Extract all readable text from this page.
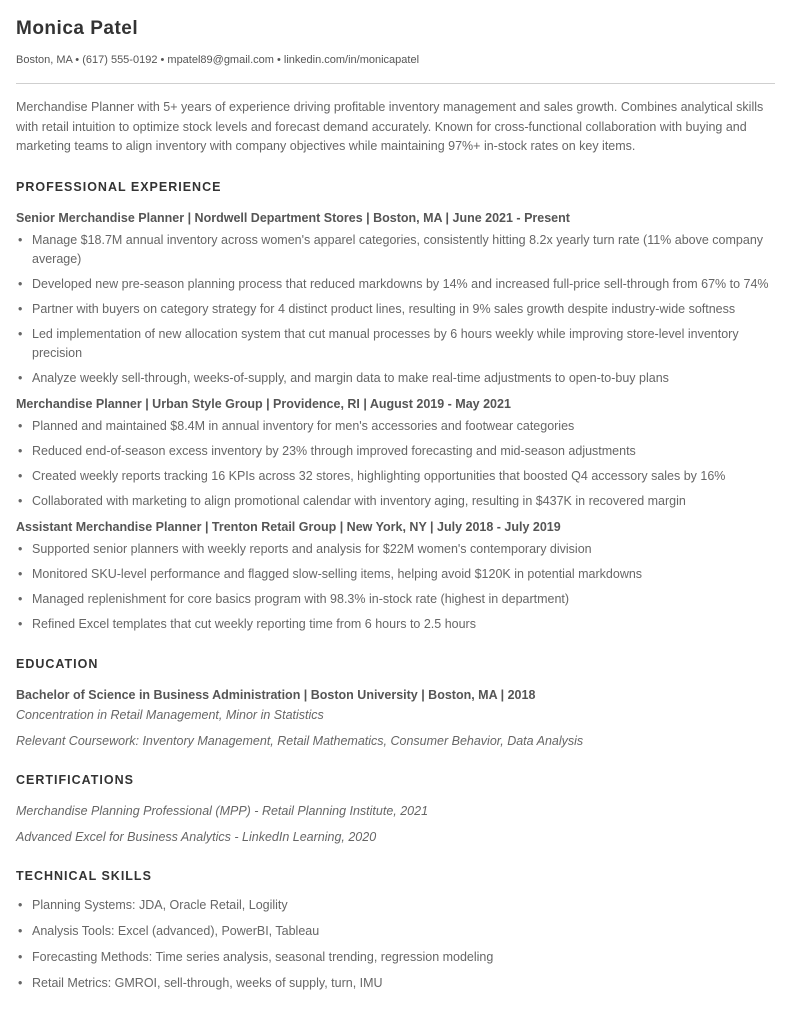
Monica Patel
Boston, MA • (617) 555-0192 • mpatel89@gmail.com • linkedin.com/in/monicapatel

Merchandise Planner with 5+ years of experience driving profitable inventory management and sales growth. Combines analytical skills with retail intuition to optimize stock levels and forecast demand accurately. Known for cross-functional collaboration with buying and marketing teams to align inventory with company objectives while maintaining 97%+ in-stock rates on key items.

PROFESSIONAL EXPERIENCE
Senior Merchandise Planner | Nordwell Department Stores | Boston, MA | June 2021 - Present
• Manage $18.7M annual inventory across women's apparel categories, consistently hitting 8.2x yearly turn rate (11% above company average)
• Developed new pre-season planning process that reduced markdowns by 14% and increased full-price sell-through from 67% to 74%
• Partner with buyers on category strategy for 4 distinct product lines, resulting in 9% sales growth despite industry-wide softness
• Led implementation of new allocation system that cut manual processes by 6 hours weekly while improving store-level inventory precision
• Analyze weekly sell-through, weeks-of-supply, and margin data to make real-time adjustments to open-to-buy plans
Merchandise Planner | Urban Style Group | Providence, RI | August 2019 - May 2021
• Planned and maintained $8.4M in annual inventory for men's accessories and footwear categories
• Reduced end-of-season excess inventory by 23% through improved forecasting and mid-season adjustments
• Created weekly reports tracking 16 KPIs across 32 stores, highlighting opportunities that boosted Q4 accessory sales by 16%
• Collaborated with marketing to align promotional calendar with inventory aging, resulting in $437K in recovered margin
Assistant Merchandise Planner | Trenton Retail Group | New York, NY | July 2018 - July 2019
• Supported senior planners with weekly reports and analysis for $22M women's contemporary division
• Monitored SKU-level performance and flagged slow-selling items, helping avoid $120K in potential markdowns
• Managed replenishment for core basics program with 98.3% in-stock rate (highest in department)
• Refined Excel templates that cut weekly reporting time from 6 hours to 2.5 hours
EDUCATION
Bachelor of Science in Business Administration | Boston University | Boston, MA | 2018
Concentration in Retail Management, Minor in Statistics
Relevant Coursework: Inventory Management, Retail Mathematics, Consumer Behavior, Data Analysis
CERTIFICATIONS
Merchandise Planning Professional (MPP) - Retail Planning Institute, 2021
Advanced Excel for Business Analytics - LinkedIn Learning, 2020
TECHNICAL SKILLS
• Planning Systems: JDA, Oracle Retail, Logility
• Analysis Tools: Excel (advanced), PowerBI, Tableau
• Forecasting Methods: Time series analysis, seasonal trending, regression modeling
• Retail Metrics: GMROI, sell-through, weeks of supply, turn, IMU
